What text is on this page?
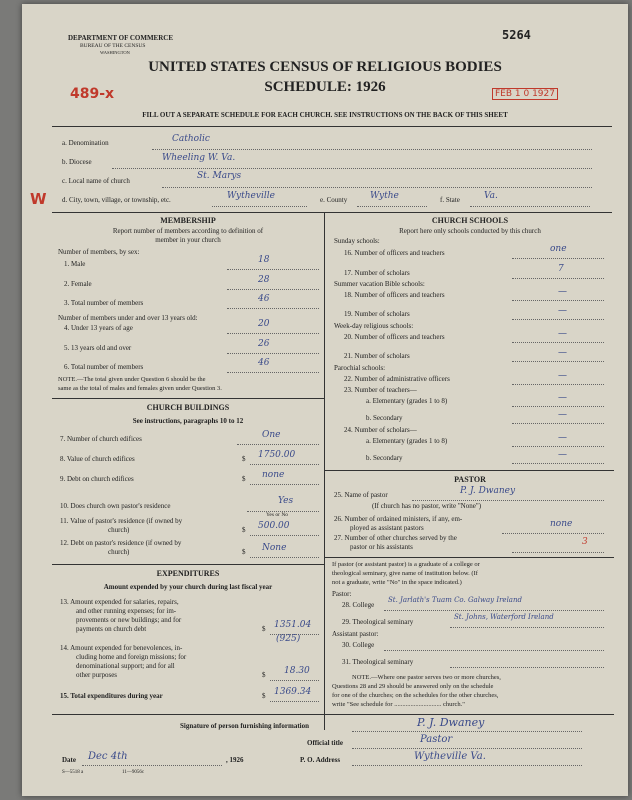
DEPARTMENT OF COMMERCE
BUREAU OF THE CENSUS
WASHINGTON
5264
UNITED STATES CENSUS OF RELIGIOUS BODIES
SCHEDULE: 1926
489-x	FEB 1 0 1927
FILL OUT A SEPARATE SCHEDULE FOR EACH CHURCH. SEE INSTRUCTIONS ON THE BACK OF THIS SHEET
a. Denomination	Catholic
b. Diocese	Wheeling W. Va.
c. Local name of church	St. Marys
W d. City, town, village, or township, etc.	Wytheville	e. County	Wythe	f. State	Va.
MEMBERSHIP
Report number of members according to definition of
member in your church
Number of members, by sex:
1. Male	18
2. Female	28
3. Total number of members	46
Number of members under and over 13 years old:
4. Under 13 years of age	20
5. 13 years old and over	26
6. Total number of members	46
NOTE.—The total given under Question 6 should be the
same as the total of males and females given under Question 3.
CHURCH BUILDINGS
See instructions, paragraphs 10 to 12
7. Number of church edifices	One
8. Value of church edifices	$ 1750.00
9. Debt on church edifices	$ none
10. Does church own pastor's residence	Yes
Yes or No
11. Value of pastor's residence (if owned by
church)	$ 500.00
12. Debt on pastor's residence (if owned by
church)	$ None
EXPENDITURES
Amount expended by your church during last fiscal year
13. Amount expended for salaries, repairs,
and other running expenses; for im-
provements or new buildings; and for
payments on church debt	$ 1351.04
(925)
14. Amount expended for benevolences, in-
cluding home and foreign missions; for
denominational support; and for all
other purposes	$ 18.30
15. Total expenditures during year	$ 1369.34
CHURCH SCHOOLS
Report here only schools conducted by this church
Sunday schools:
16. Number of officers and teachers	one
17. Number of scholars	7
Summer vacation Bible schools:
18. Number of officers and teachers	—
19. Number of scholars	—
Week-day religious schools:
20. Number of officers and teachers	—
21. Number of scholars	—
Parochial schools:
22. Number of administrative officers	—
23. Number of teachers—
a. Elementary (grades 1 to 8)	—
b. Secondary	—
24. Number of scholars—
a. Elementary (grades 1 to 8)	—
b. Secondary	—
PASTOR
25. Name of pastor	P. J. Dwaney
(If church has no pastor, write "None")
26. Number of ordained ministers, if any, em-
ployed as assistant pastors	none
27. Number of other churches served by the
pastor or his assistants	3
If pastor (or assistant pastor) is a graduate of a college or
theological seminary, give name of institution below. (If
not a graduate, write "No" in the space indicated.)
Pastor:
28. College
St. Jarlath's Tuam Co. Galway Ireland
29. Theological seminary
St. Johns, Waterford Ireland
Assistant pastor:
30. College
31. Theological seminary
NOTE.—Where one pastor serves two or more churches,
Questions 28 and 29 should be answered only on the schedule
for one of the churches; on the schedules for the other churches,
write "See schedule for ............................. church."
Signature of person furnishing information	P. J. Dwaney
Official title	Pastor
Date Dec 4th	, 1926	P. O. Address	Wytheville Va.
S—5518 a	11—9056c
